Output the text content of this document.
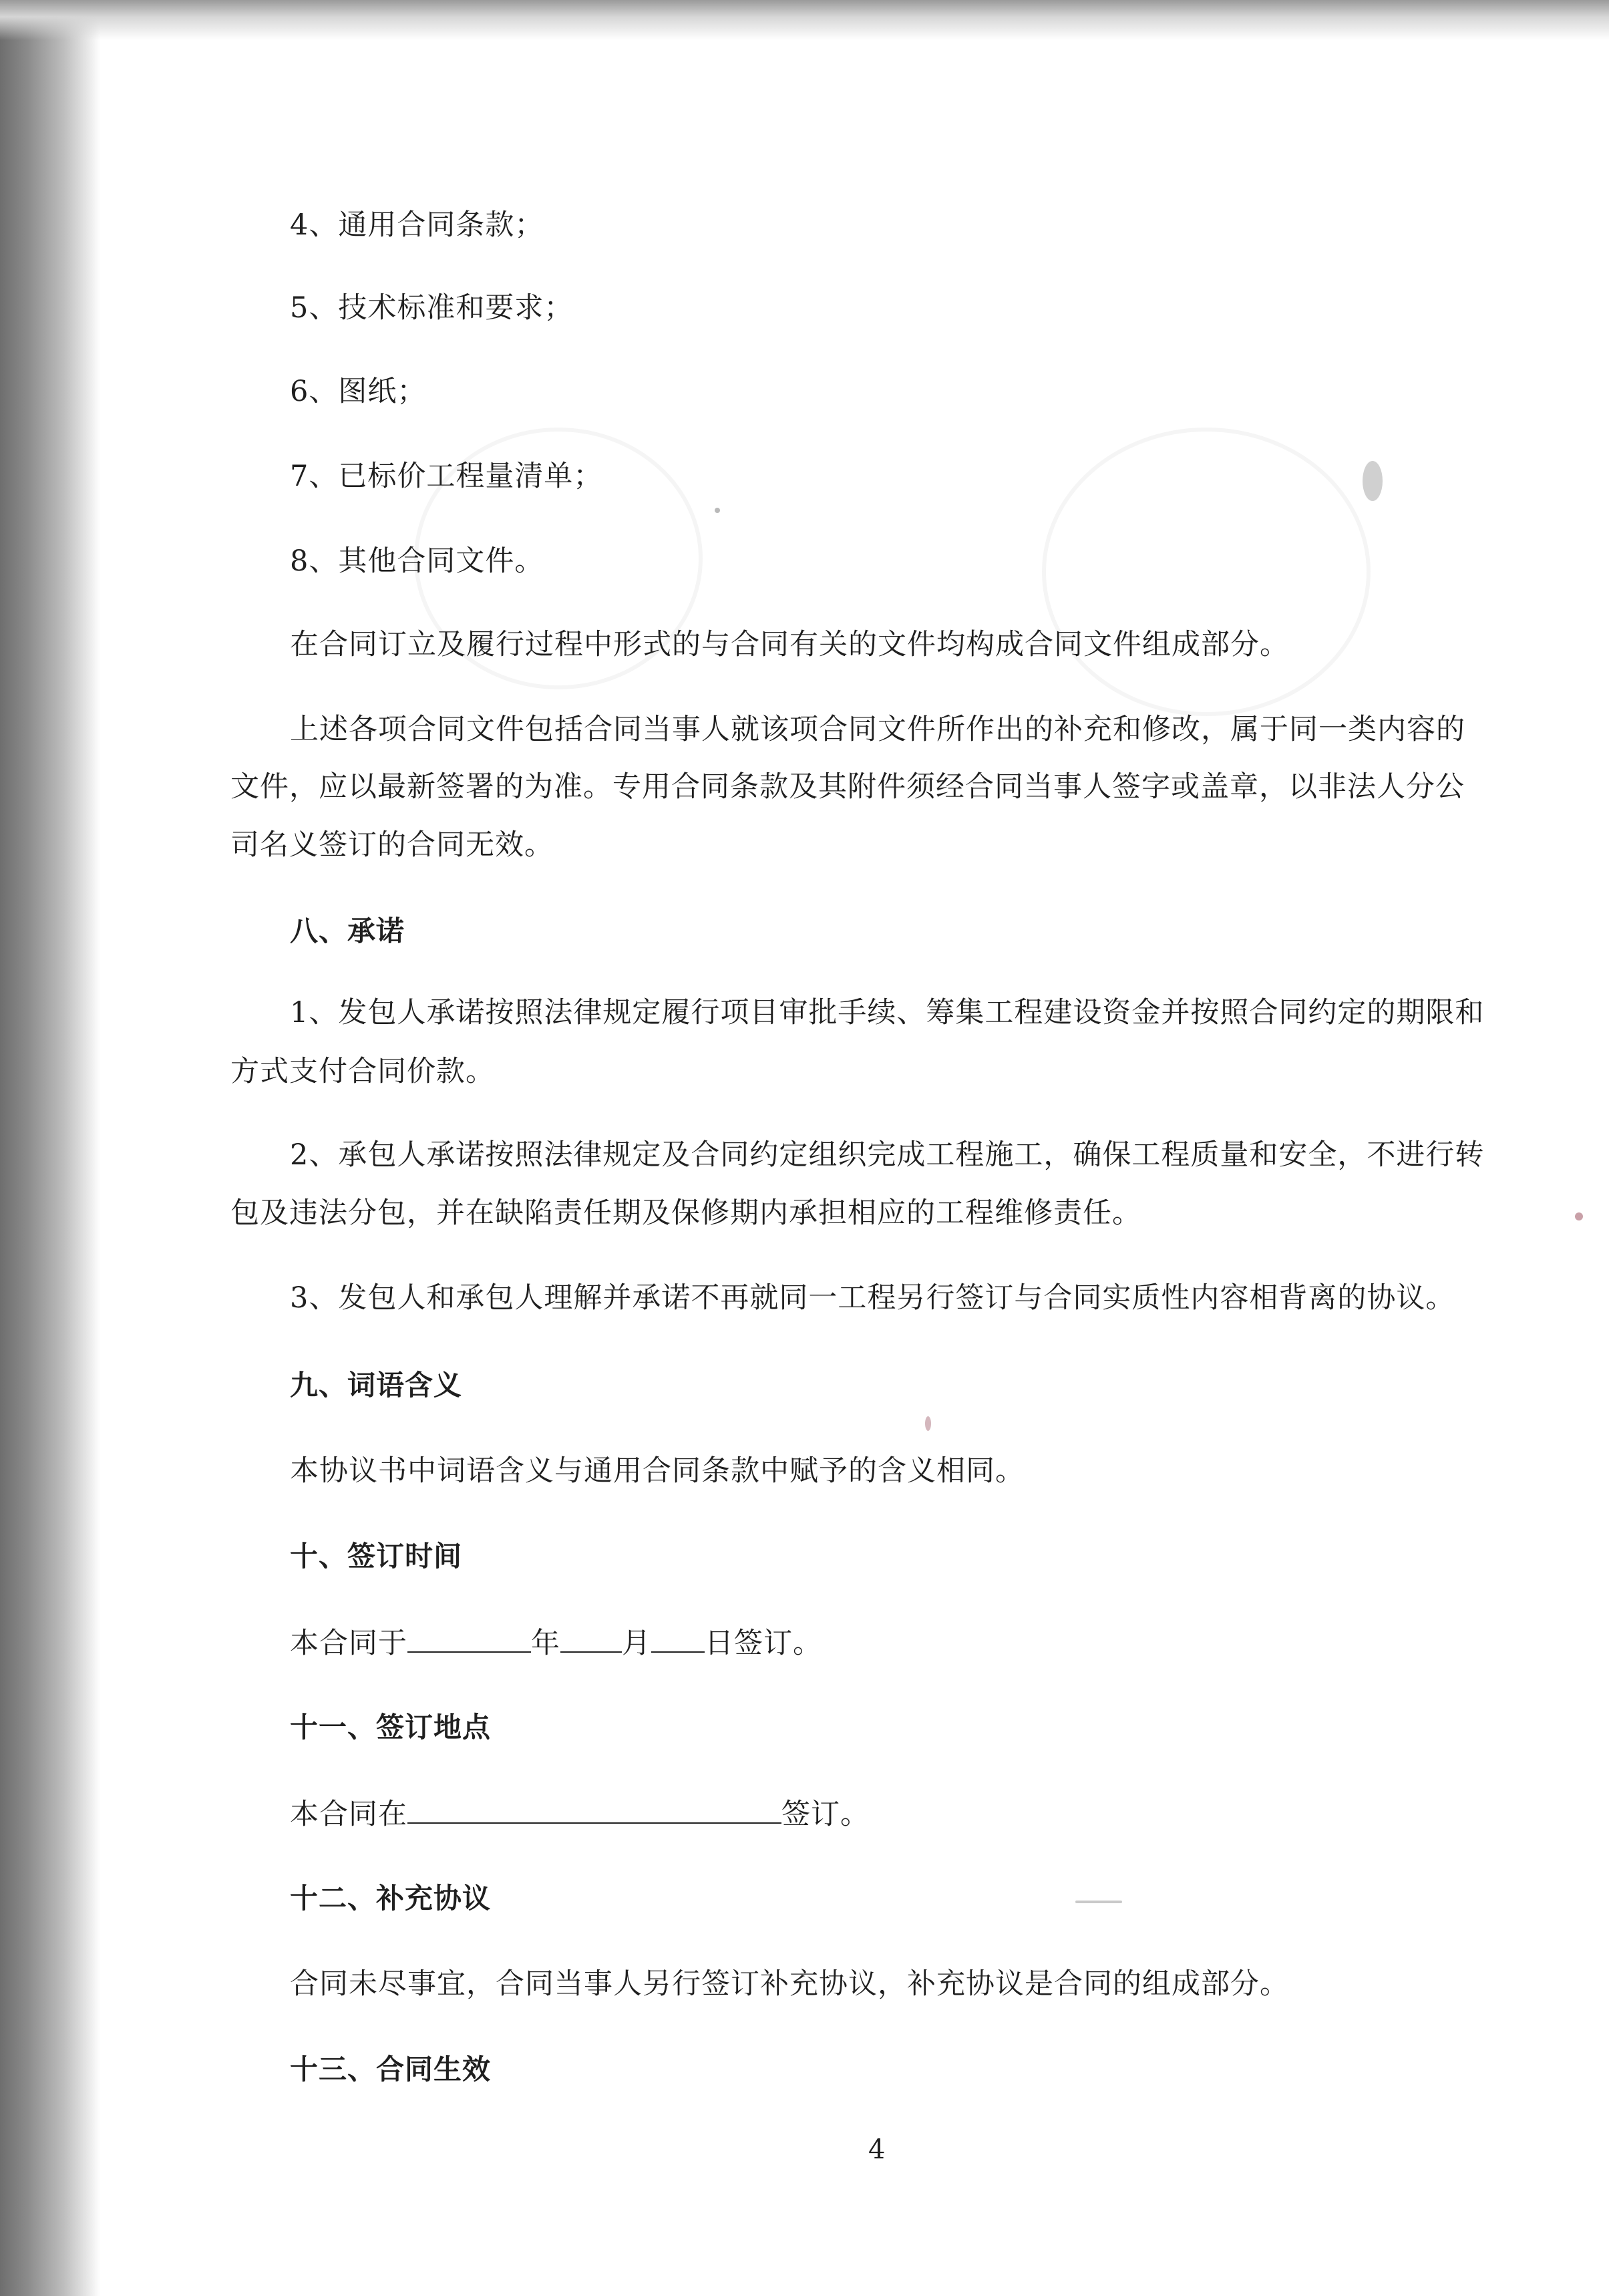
4、通用合同条款；
5、技术标准和要求；
6、图纸；
7、已标价工程量清单；
8、其他合同文件。
在合同订立及履行过程中形式的与合同有关的文件均构成合同文件组成部分。
上述各项合同文件包括合同当事人就该项合同文件所作出的补充和修改，属于同一类内容的
文件，应以最新签署的为准。专用合同条款及其附件须经合同当事人签字或盖章，以非法人分公
司名义签订的合同无效。
八、承诺
1、发包人承诺按照法律规定履行项目审批手续、筹集工程建设资金并按照合同约定的期限和
方式支付合同价款。
2、承包人承诺按照法律规定及合同约定组织完成工程施工，确保工程质量和安全，不进行转
包及违法分包，并在缺陷责任期及保修期内承担相应的工程维修责任。
3、发包人和承包人理解并承诺不再就同一工程另行签订与合同实质性内容相背离的协议。
九、词语含义
本协议书中词语含义与通用合同条款中赋予的含义相同。
十、签订时间
本合同于	年 月 日签订。
十一、签订地点
本合同在	签订。
十二、补充协议
合同未尽事宜，合同当事人另行签订补充协议，补充协议是合同的组成部分。
十三、合同生效
4
